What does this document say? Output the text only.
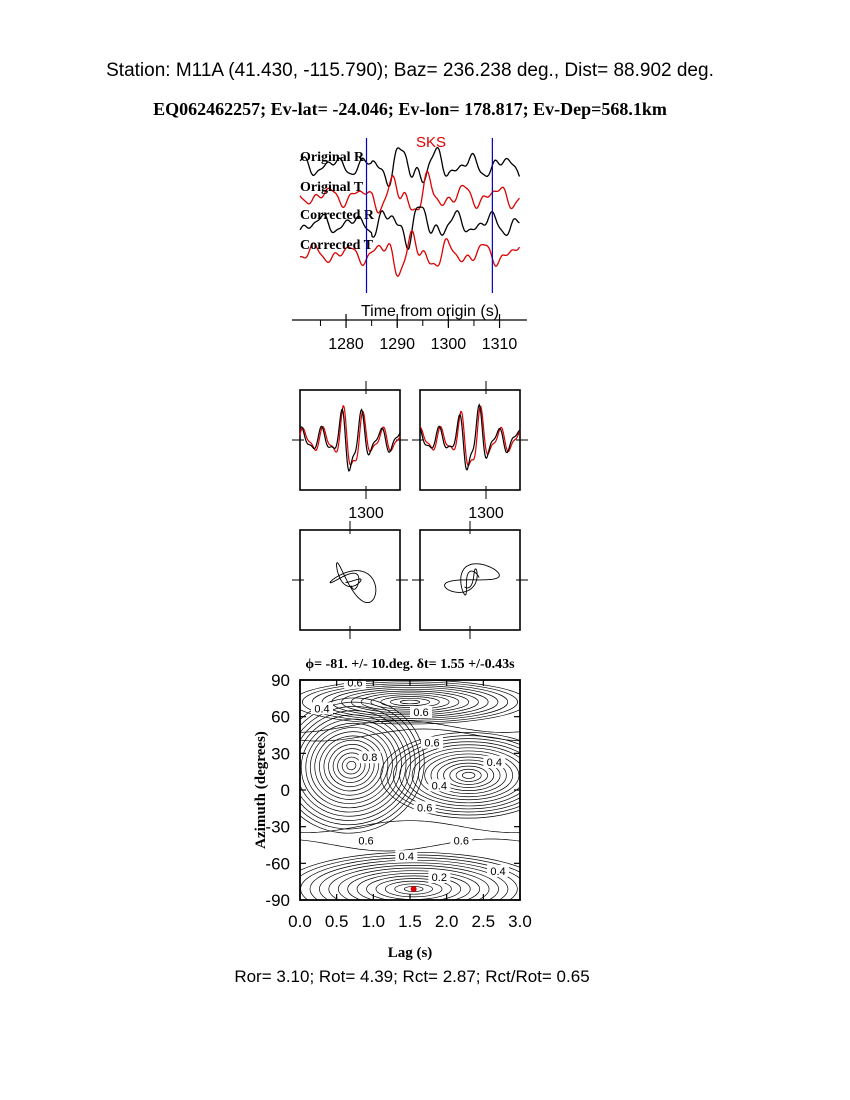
Station: M11A (41.430, -115.790); Baz= 236.238 deg., Dist= 88.902 deg.
EQ062462257; Ev-lat= -24.046; Ev-lon= 178.817; Ev-Dep=568.1km
SKS
Original R
Original T
Corrected R
Corrected T
Time from origin (s)
1280 1290 1300 1310
1300	1300
ϕ= -81. +/- 10.deg. δt= 1.55 +/-0.43s
0.6
0.4	0.6
0.8
0.6
0.4
0.4
0.6
0.6
0.4
0.6
0.2
0.4
0.0 0.5 1.0 1.5 2.0 2.5 3.0
90
60
30
0
-30
-60
-90
Lag (s)
Azimuth (degrees)
Ror= 3.10; Rot= 4.39; Rct= 2.87; Rct/Rot= 0.65
